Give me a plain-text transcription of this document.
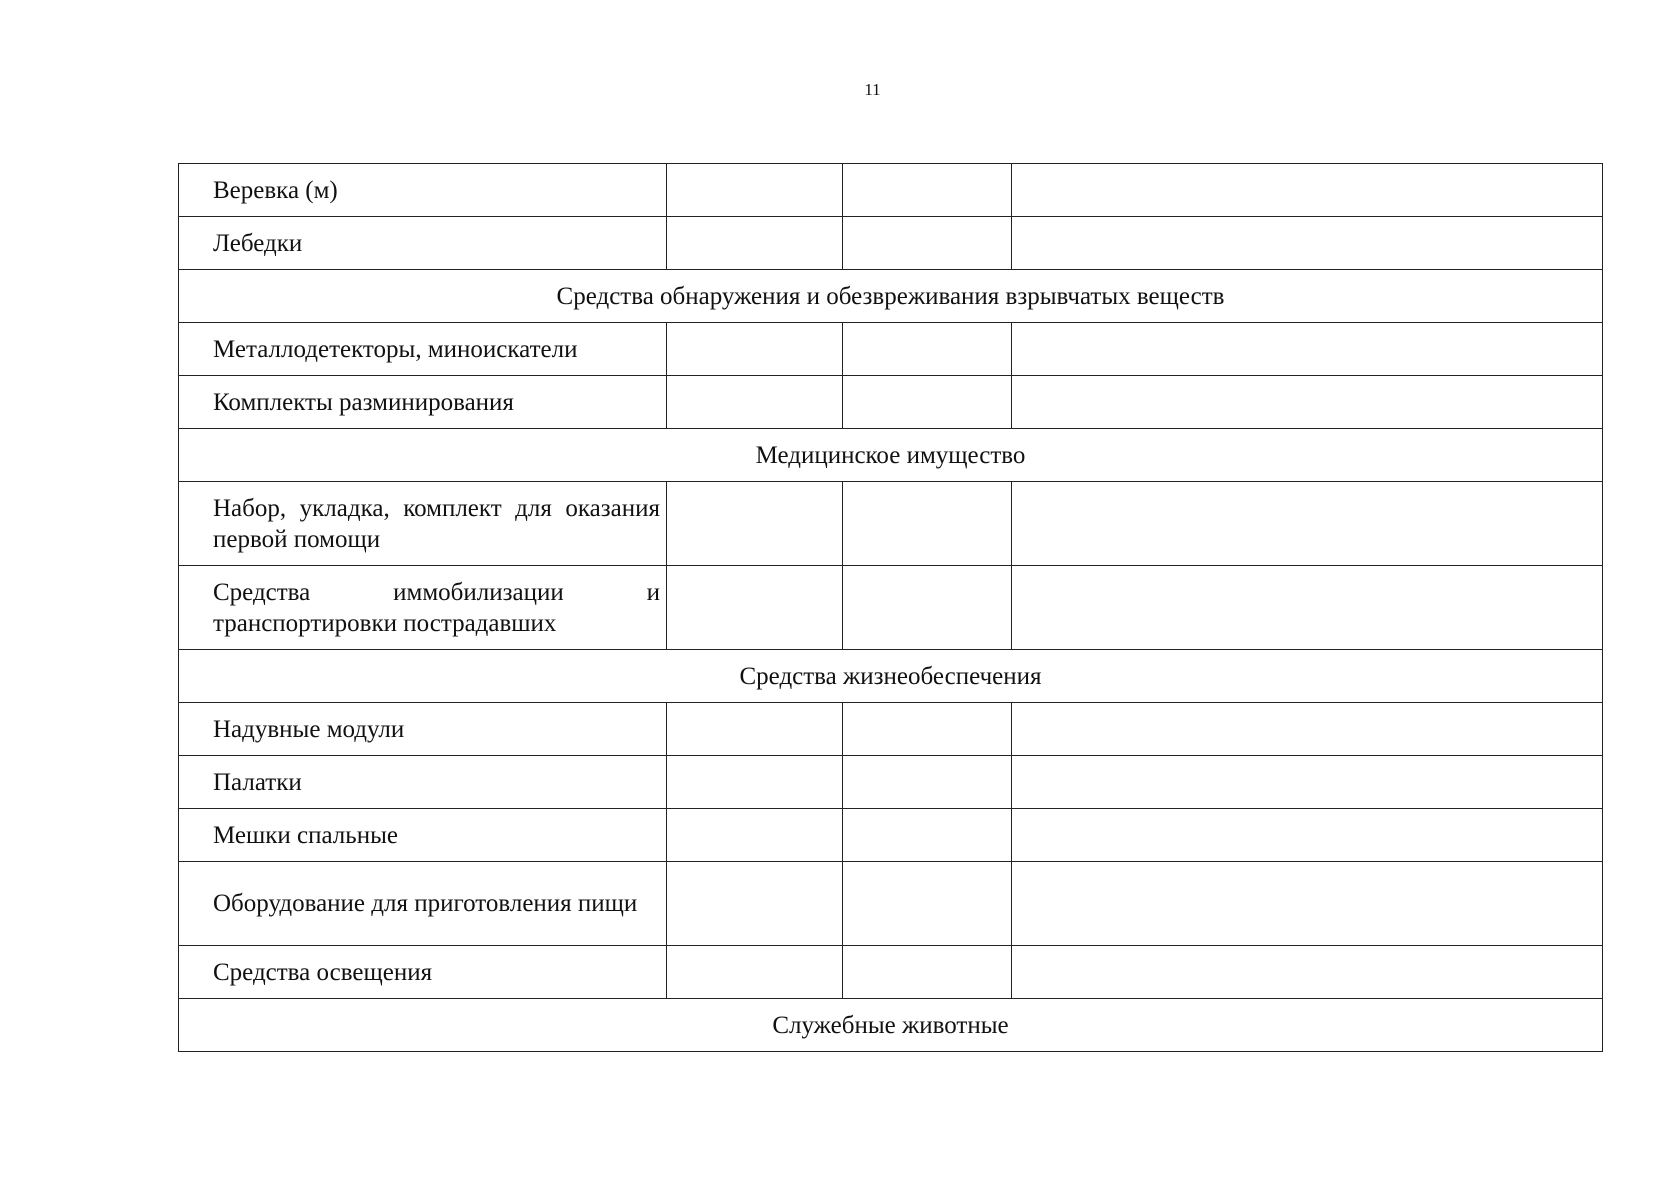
11
Веревка (м)			
Лебедки			
Средства обнаружения и обезвреживания взрывчатых веществ			
Металлодетекторы, миноискатели			
Комплекты разминирования			
Медицинское имущество			
Набор, укладка, комплект для оказания первой помощи			
Средства иммобилизации и транспортировки пострадавших			
Средства жизнеобеспечения			
Надувные модули			
Палатки			
Мешки спальные			
Оборудование для приготовления пищи			
Средства освещения			
Служебные животные			
